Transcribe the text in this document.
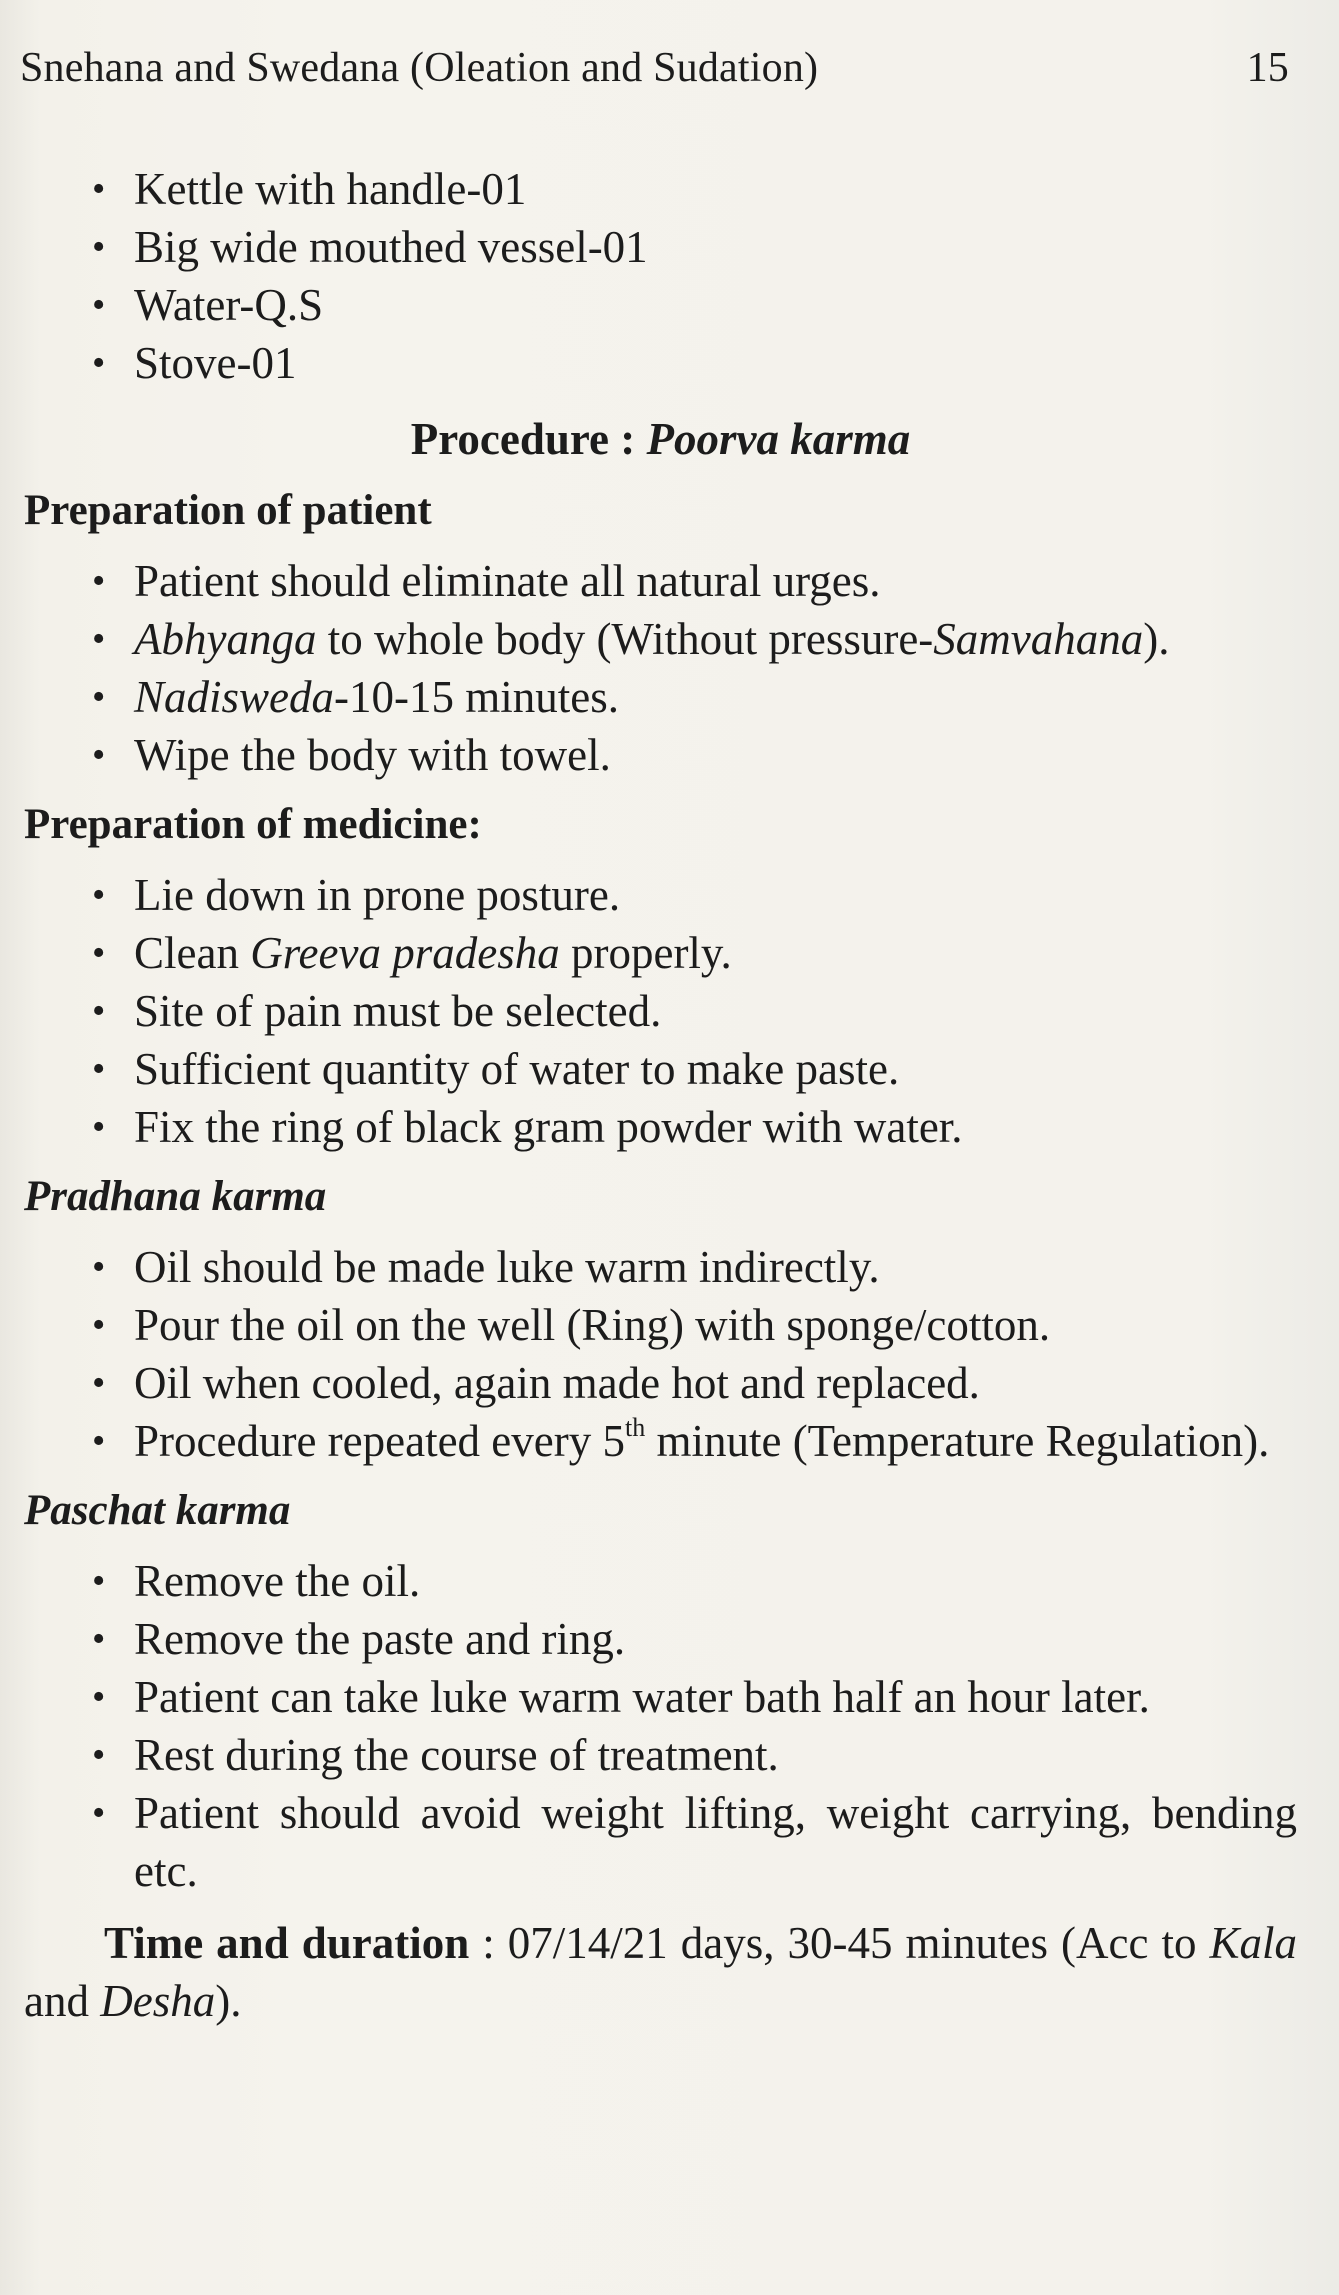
Snehana and Swedana (Oleation and Sudation)	15
• Kettle with handle-01
• Big wide mouthed vessel-01
• Water-Q.S
• Stove-01
Procedure : Poorva karma
Preparation of patient
• Patient should eliminate all natural urges.
• Abhyanga to whole body (Without pressure-Samvahana).
• Nadisweda-10-15 minutes.
• Wipe the body with towel.
Preparation of medicine:
• Lie down in prone posture.
• Clean Greeva pradesha properly.
• Site of pain must be selected.
• Sufficient quantity of water to make paste.
• Fix the ring of black gram powder with water.
Pradhana karma
• Oil should be made luke warm indirectly.
• Pour the oil on the well (Ring) with sponge/cotton.
• Oil when cooled, again made hot and replaced.
• Procedure repeated every 5th minute (Temperature Regulation).
Paschat karma
• Remove the oil.
• Remove the paste and ring.
• Patient can take luke warm water bath half an hour later.
• Rest during the course of treatment.
• Patient should avoid weight lifting, weight carrying, bending etc.
Time and duration : 07/14/21 days, 30-45 minutes (Acc to Kala and Desha).
